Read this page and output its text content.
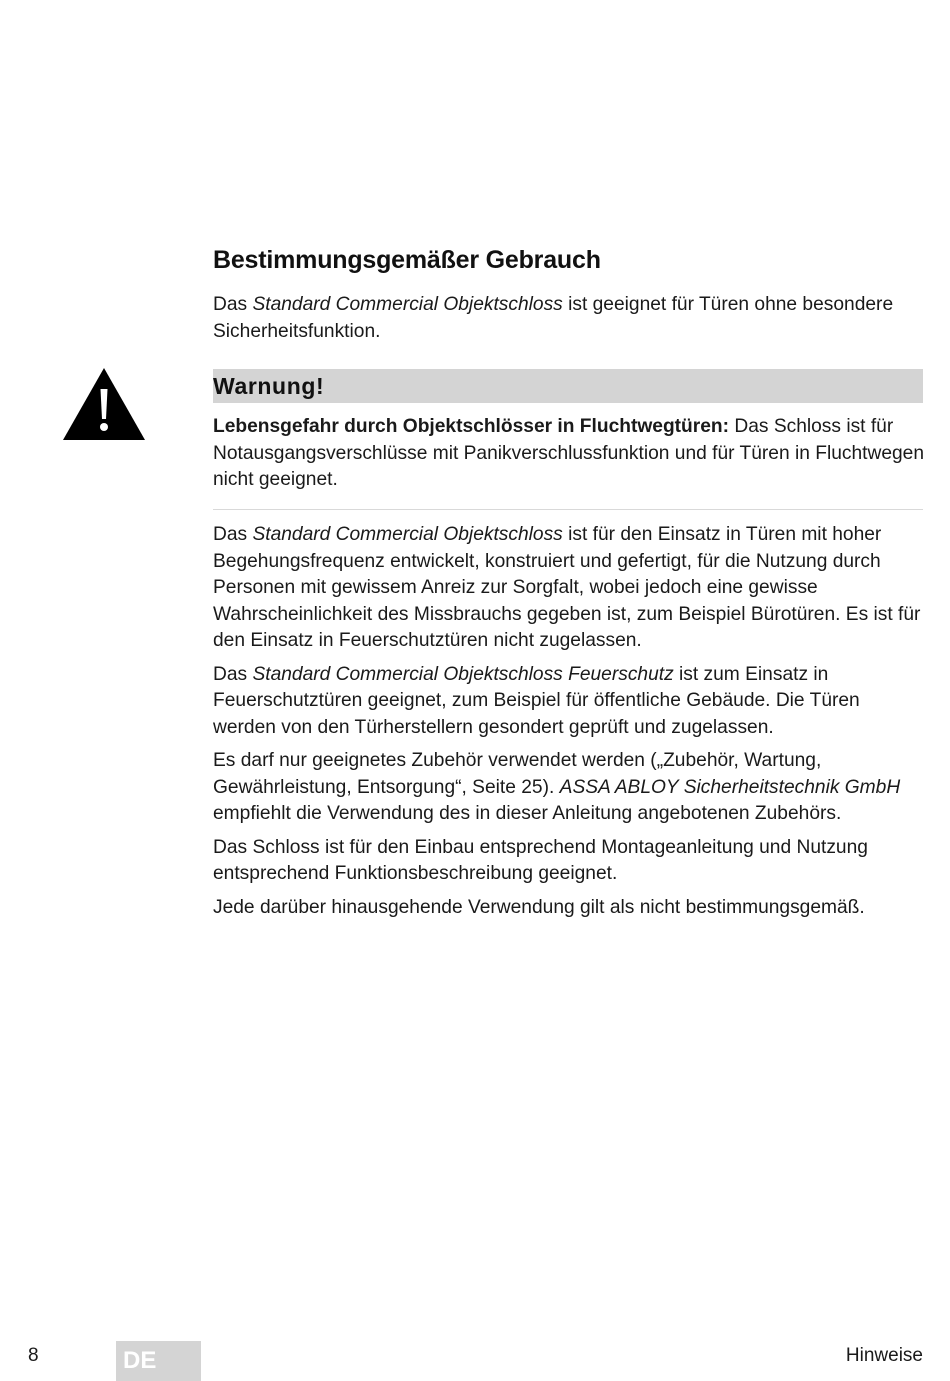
Bestimmungsgemäßer Gebrauch

Das Standard Commercial Objektschloss ist geeignet für Türen ohne besondere Sicherheitsfunktion.

Warnung!

Lebensgefahr durch Objektschlösser in Fluchtwegtüren: Das Schloss ist für Notausgangsverschlüsse mit Panikverschlussfunktion und für Türen in Fluchtwegen nicht geeignet.

Das Standard Commercial Objektschloss ist für den Einsatz in Türen mit hoher Begehungsfrequenz entwickelt, konstruiert und gefertigt, für die Nutzung durch Personen mit gewissem Anreiz zur Sorgfalt, wobei jedoch eine gewisse Wahrscheinlichkeit des Missbrauchs gegeben ist, zum Beispiel Bürotüren. Es ist für den Einsatz in Feuerschutztüren nicht zugelassen.

Das Standard Commercial Objektschloss Feuerschutz ist zum Einsatz in Feuerschutztüren geeignet, zum Beispiel für öffentliche Gebäude. Die Türen werden von den Türherstellern gesondert geprüft und zugelassen.

Es darf nur geeignetes Zubehör verwendet werden („Zubehör, Wartung, Gewährleistung, Entsorgung“, Seite 25). ASSA ABLOY Sicherheitstechnik GmbH empfiehlt die Verwendung des in dieser Anleitung angebotenen Zubehörs.

Das Schloss ist für den Einbau entsprechend Montageanleitung und Nutzung entsprechend Funktionsbeschreibung geeignet.

Jede darüber hinausgehende Verwendung gilt als nicht bestimmungsgemäß.

8	DE	Hinweise
